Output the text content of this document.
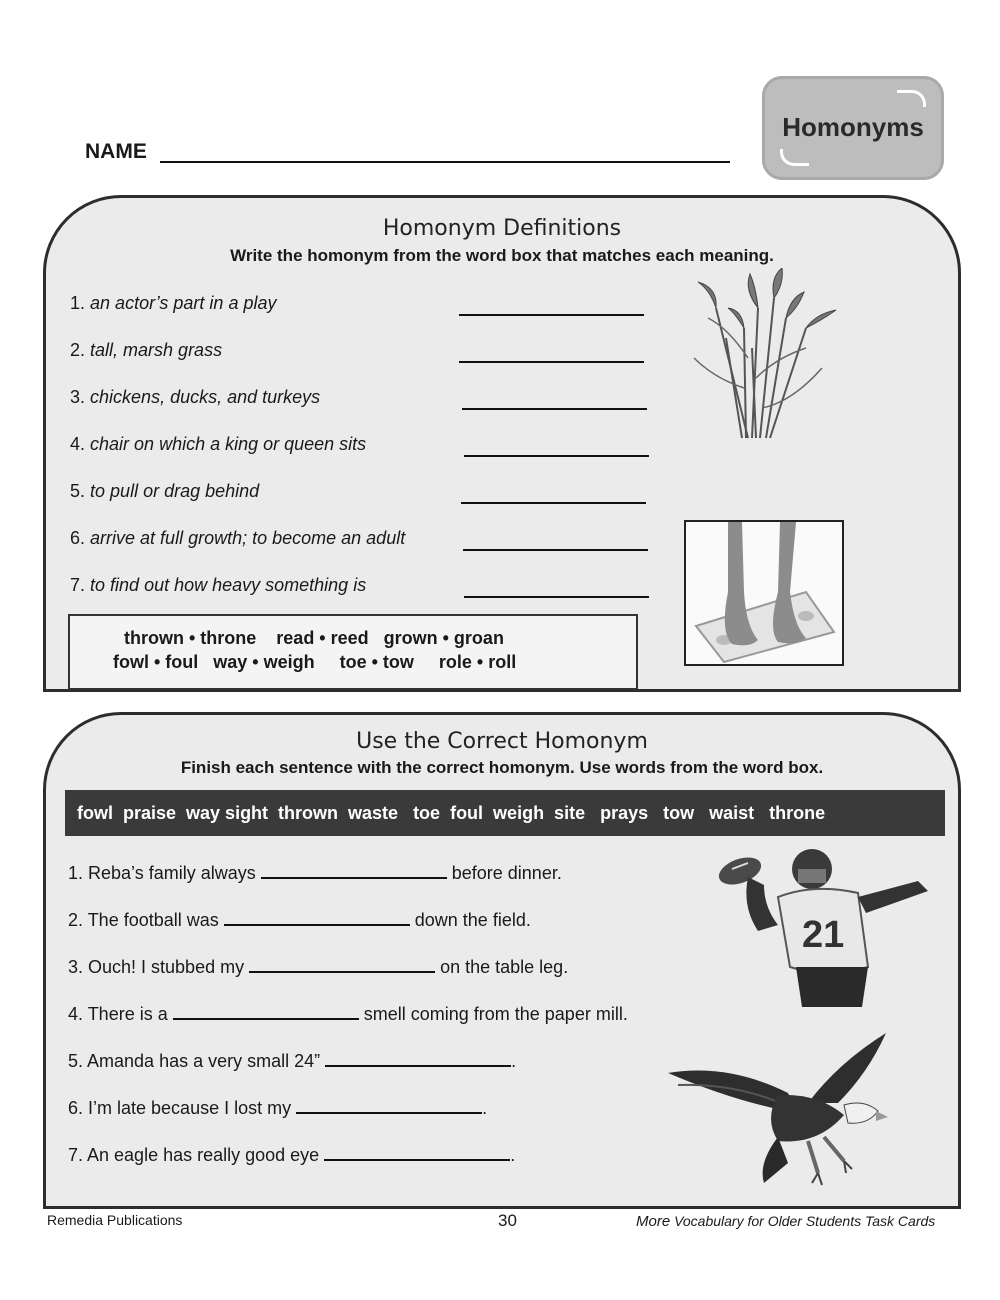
NAME
Homonyms
Homonym Definitions
Write the homonym from the word box that matches each meaning.
1. an actor’s part in a play
2. tall, marsh grass
3. chickens, ducks, and turkeys
4. chair on which a king or queen sits
5. to pull or drag behind
6. arrive at full growth; to become an adult
7. to find out how heavy something is
thrown • throne    read • reed   grown • groan
fowl • foul   way • weigh     toe • tow     role • roll
Use the Correct Homonym
Finish each sentence with the correct homonym. Use words from the word box.
fowl  praise  way sight  thrown  waste   toe  foul  weigh  site   prays   tow   waist   throne
1. Reba’s family always	before dinner.
2. The football was	down the field.
3. Ouch! I stubbed my	on the table leg.
4. There is a	smell coming from the paper mill.
5. Amanda has a very small 24”	.
6. I’m late because I lost my	.
7. An eagle has really good eye	.
21
Remedia Publications	30	More Vocabulary for Older Students Task Cards
